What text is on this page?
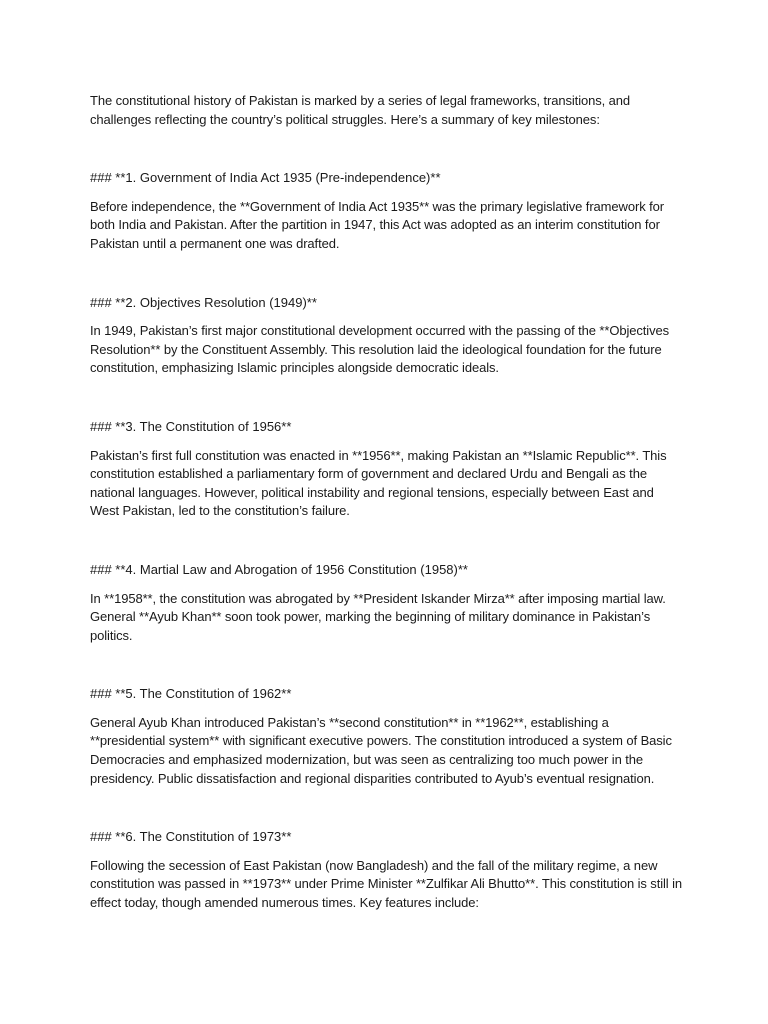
The constitutional history of Pakistan is marked by a series of legal frameworks, transitions, and challenges reflecting the country’s political struggles. Here’s a summary of key milestones:

### **1. Government of India Act 1935 (Pre-independence)**

Before independence, the **Government of India Act 1935** was the primary legislative framework for both India and Pakistan. After the partition in 1947, this Act was adopted as an interim constitution for Pakistan until a permanent one was drafted.

### **2. Objectives Resolution (1949)**

In 1949, Pakistan’s first major constitutional development occurred with the passing of the **Objectives Resolution** by the Constituent Assembly. This resolution laid the ideological foundation for the future constitution, emphasizing Islamic principles alongside democratic ideals.

### **3. The Constitution of 1956**

Pakistan’s first full constitution was enacted in **1956**, making Pakistan an **Islamic Republic**. This constitution established a parliamentary form of government and declared Urdu and Bengali as the national languages. However, political instability and regional tensions, especially between East and West Pakistan, led to the constitution’s failure.

### **4. Martial Law and Abrogation of 1956 Constitution (1958)**

In **1958**, the constitution was abrogated by **President Iskander Mirza** after imposing martial law. General **Ayub Khan** soon took power, marking the beginning of military dominance in Pakistan’s politics.

### **5. The Constitution of 1962**

General Ayub Khan introduced Pakistan’s **second constitution** in **1962**, establishing a **presidential system** with significant executive powers. The constitution introduced a system of Basic Democracies and emphasized modernization, but was seen as centralizing too much power in the presidency. Public dissatisfaction and regional disparities contributed to Ayub’s eventual resignation.

### **6. The Constitution of 1973**

Following the secession of East Pakistan (now Bangladesh) and the fall of the military regime, a new constitution was passed in **1973** under Prime Minister **Zulfikar Ali Bhutto**. This constitution is still in effect today, though amended numerous times. Key features include:
